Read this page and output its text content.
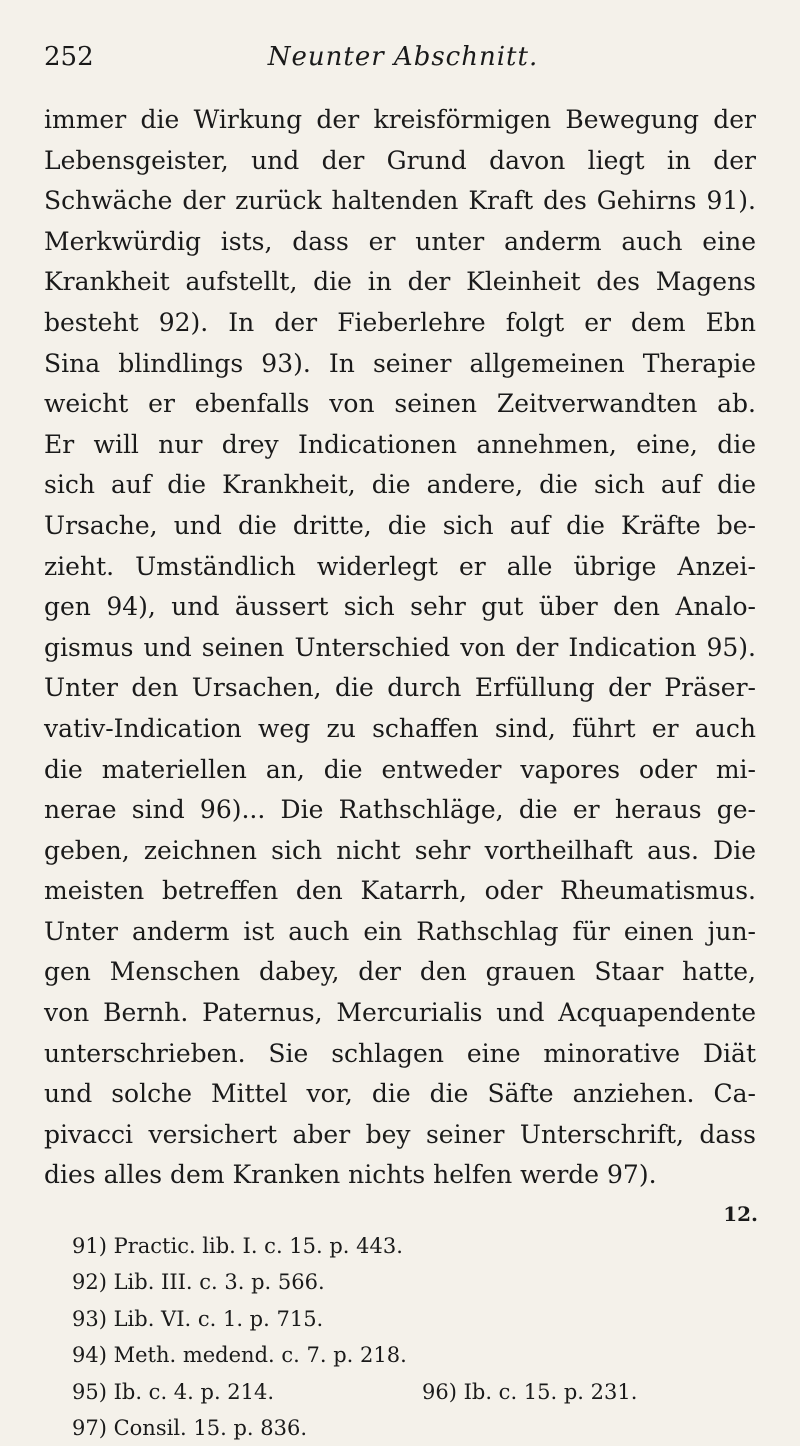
252	Neunter Abschnitt.
immer die Wirkung der kreisförmigen Bewegung der
Lebensgeister, und der Grund davon liegt in der
Schwäche der zurück haltenden Kraft des Gehirns 91).
Merkwürdig ists, dass er unter anderm auch eine
Krankheit aufstellt, die in der Kleinheit des Magens
besteht 92). In der Fieberlehre folgt er dem Ebn
Sina blindlings 93). In seiner allgemeinen Therapie
weicht er ebenfalls von seinen Zeitverwandten ab.
Er will nur drey Indicationen annehmen, eine, die
sich auf die Krankheit, die andere, die sich auf die
Ursache, und die dritte, die sich auf die Kräfte be-
zieht. Umständlich widerlegt er alle übrige Anzei-
gen 94), und äussert sich sehr gut über den Analo-
gismus und seinen Unterschied von der Indication 95).
Unter den Ursachen, die durch Erfüllung der Präser-
vativ-Indication weg zu schaffen sind, führt er auch
die materiellen an, die entweder vapores oder mi-
nerae sind 96)... Die Rathschläge, die er heraus ge-
geben, zeichnen sich nicht sehr vortheilhaft aus. Die
meisten betreffen den Katarrh, oder Rheumatismus.
Unter anderm ist auch ein Rathschlag für einen jun-
gen Menschen dabey, der den grauen Staar hatte,
von Bernh. Paternus, Mercurialis und Acquapendente
unterschrieben. Sie schlagen eine minorative Diät
und solche Mittel vor, die die Säfte anziehen. Ca-
pivacci versichert aber bey seiner Unterschrift, dass
dies alles dem Kranken nichts helfen werde 97).
12.
91) Practic. lib. I. c. 15. p. 443.
92) Lib. III. c. 3. p. 566.
93) Lib. VI. c. 1. p. 715.
94) Meth. medend. c. 7. p. 218.
95) Ib. c. 4. p. 214.	96) Ib. c. 15. p. 231.
97) Consil. 15. p. 836.
